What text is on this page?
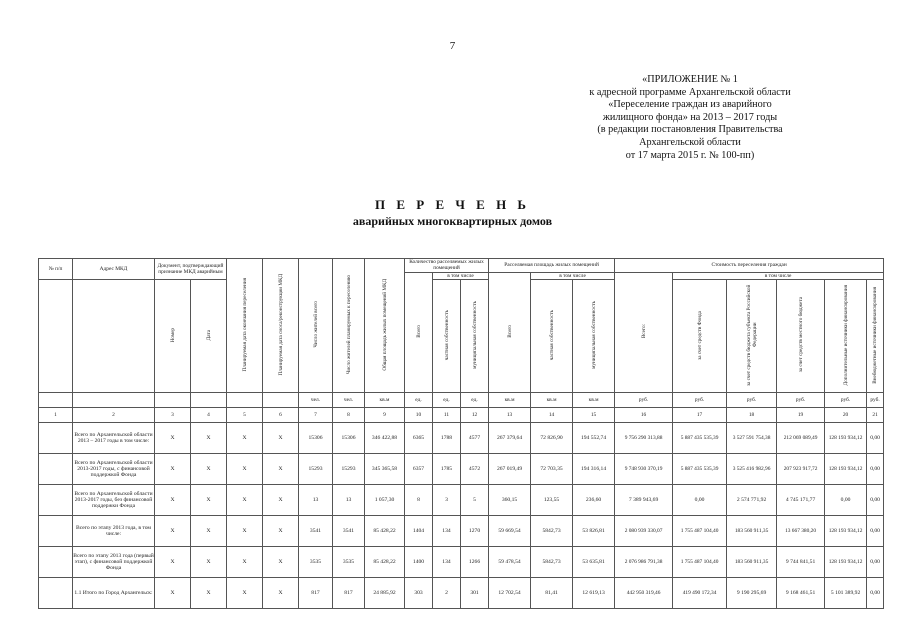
7
«ПРИЛОЖЕНИЕ № 1
к адресной программе Архангельской области
«Переселение граждан из аварийного
жилищного фонда» на 2013 – 2017 годы
(в редакции постановления Правительства
Архангельской области
от 17 марта 2015 г. № 100-пп)
П Е Р Е Ч Е Н Ь
аварийных многоквартирных домов
№ п/п	Адрес МКД	Документ, подтверждающий признание МКД аварийным		Планируемая дата окончания переселения	Планируемая дата сноса/реконструкции МКД	Число жителей всего	Число жителей планируемых к переселению	Общая площадь жилых помещений МКД	Количество расселяемых жилых помещений			Расселяемая площадь жилых помещений			Стоимость переселения граждан					
									Всего	в том числе		Всего	в том числе		Всего:	в том числе				
		Номер	Дата							частная собственность	муниципальная собственность		частная собственность	муниципальная собственность		за счет средств Фонда	за счет средств бюджета субъекта Российской Федерации	за счет средств местного бюджета	Дополнительные источники финансирования	Внебюджетные источники финансирования

						чел.	чел.	кв.м	ед.	ед.	ед.	кв.м	кв.м	кв.м	руб.	руб.	руб.	руб.	руб.	руб.
1	2	3	4	5	6	7	8	9	10	11	12	13	14	15	16	17	18	19	20	21
	Всего по Архангельской области 2013 – 2017 годы в том числе:	X	X	X	X	15306	15306	346 422,88	6365	1788	4577	267 379,64	72 826,90	194 552,74	9 756 290 313,88	5 887 435 535,39	3 527 591 754,38	212 069 089,49	128 193 934,12	0,00
	Всего по Архангельской области 2013-2017 годы, с финансовой поддержкой Фонда	X	X	X	X	15293	15293	345 365,58	6357	1785	4572	267 019,49	72 703,35	194 316,14	9 748 930 370,19	5 887 435 535,39	3 525 416 982,96	207 923 917,72	128 193 934,12	0,00
	Всего по Архангельской области 2013-2017 годы, без финансовой поддержки Фонда	X	X	X	X	13	13	1 057,30	8	3	5	360,15	123,55	236,60	7 389 943,69	0,00	2 574 771,92	4 745 171,77	0,00	0,00
	Всего по этапу 2013 года, в том числе:	X	X	X	X	3541	3541	85 428,22	1404	134	1270	59 669,54	5842,73	53 826,81	2 080 939 330,07	1 755 487 104,40	183 560 911,35	13 667 380,20	128 193 934,12	0,00
	Всего по этапу 2013 года (первый этап), с финансовой поддержкой Фонда	X	X	X	X	3535	3535	85 428,22	1400	134	1266	59 478,54	5842,73	53 635,81	2 076 986 791,38	1 755 487 104,40	183 560 911,35	9 744 841,51	128 193 934,12	0,00
	1.1 Итого по Город Архангельск:	X	X	X	X	817	817	24 885,92	303	2	301	12 702,54	81,41	12 619,13	442 950 319,46	419 490 172,34	9 190 295,69	9 168 461,51	5 101 389,92	0,00
